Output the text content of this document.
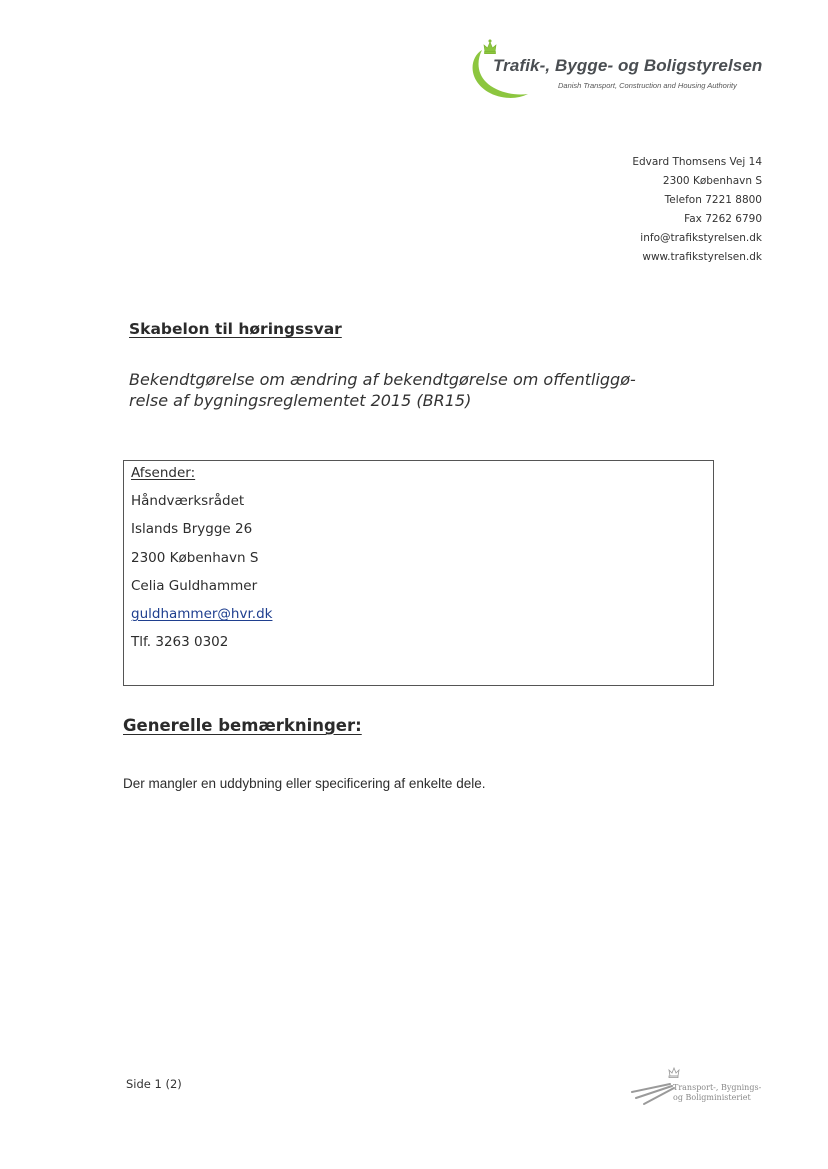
Trafik-, Bygge- og Boligstyrelsen
Danish Transport, Construction and Housing Authority
Edvard Thomsens Vej 14
2300 København S
Telefon 7221 8800
Fax 7262 6790
info@trafikstyrelsen.dk
www.trafikstyrelsen.dk
Skabelon til høringssvar
Bekendtgørelse om ændring af bekendtgørelse om offentliggø-
relse af bygningsreglementet 2015 (BR15)
Afsender:
Håndværksrådet
Islands Brygge 26
2300 København S
Celia Guldhammer
guldhammer@hvr.dk
Tlf. 3263 0302
Generelle bemærkninger:
Der mangler en uddybning eller specificering af enkelte dele.
Side 1 (2)	Transport-, Bygnings-
og Boligministeriet
